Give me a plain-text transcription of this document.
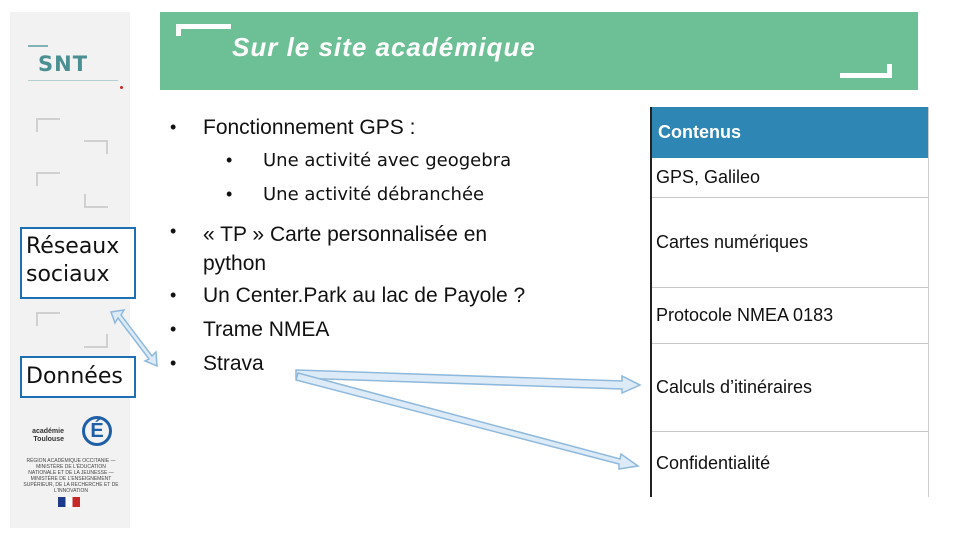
SNT
Réseaux sociaux
Données
académie Toulouse	É
RÉGION ACADÉMIQUE OCCITANIE — MINISTÈRE DE L'ÉDUCATION NATIONALE ET DE LA JEUNESSE — MINISTÈRE DE L'ENSEIGNEMENT SUPÉRIEUR, DE LA RECHERCHE ET DE L'INNOVATION
Sur le site académique
• Fonctionnement GPS :
• Une activité avec geogebra
• Une activité débranchée
• « TP » Carte personnalisée en python
• Un Center.Park au lac de Payole ?
• Trame NMEA
• Strava
Contenus
GPS, Galileo
Cartes numériques
Protocole NMEA 0183
Calculs d’itinéraires
Confidentialité
